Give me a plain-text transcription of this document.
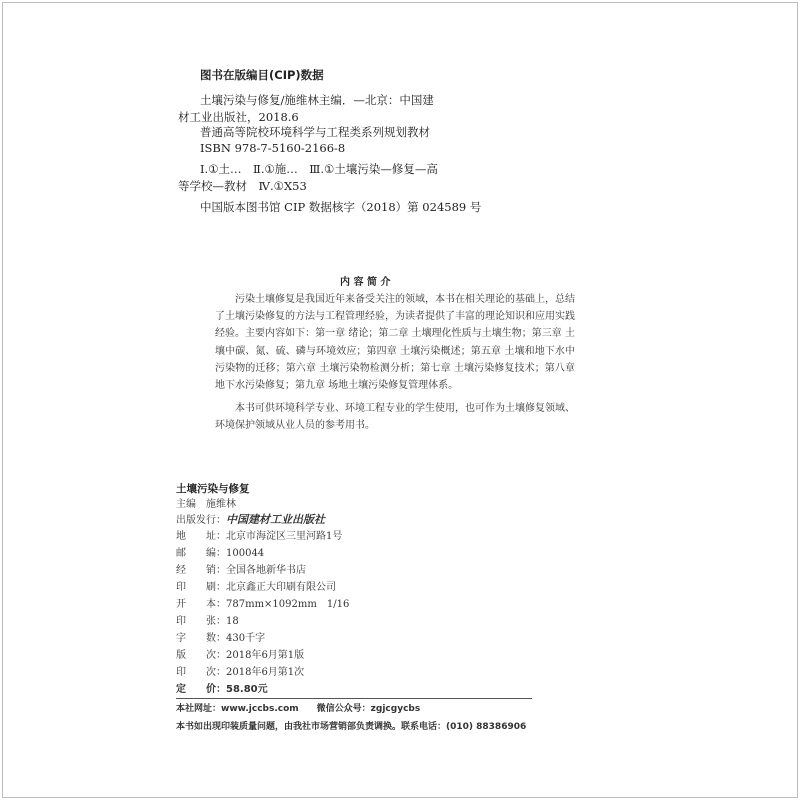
图书在版编目(CIP)数据
土壤污染与修复/施维林主编．—北京：中国建
材工业出版社，2018.6
普通高等院校环境科学与工程类系列规划教材
ISBN 978-7-5160-2166-8
Ⅰ.①土…　Ⅱ.①施…　Ⅲ.①土壤污染—修复—高
等学校—教材　Ⅳ.①X53
中国版本图书馆 CIP 数据核字（2018）第 024589 号
内 容 简 介
污染土壤修复是我国近年来备受关注的领域，本书在相关理论的基础上，总结了土壤污染修复的方法与工程管理经验，为读者提供了丰富的理论知识和应用实践经验。主要内容如下：第一章 绪论；第二章 土壤理化性质与土壤生物；第三章 土壤中碳、氮、硫、磷与环境效应；第四章 土壤污染概述；第五章 土壤和地下水中污染物的迁移；第六章 土壤污染物检测分析；第七章 土壤污染修复技术；第八章 地下水污染修复；第九章 场地土壤污染修复管理体系。
本书可供环境科学专业、环境工程专业的学生使用，也可作为土壤修复领域、环境保护领域从业人员的参考用书。
土壤污染与修复
主编　施维林
出版发行：中国建材工业出版社
地　　址：北京市海淀区三里河路1号
邮　　编：100044
经　　销：全国各地新华书店
印　　刷：北京鑫正大印刷有限公司
开　　本：787mm×1092mm　1/16
印　　张：18
字　　数：430千字
版　　次：2018年6月第1版
印　　次：2018年6月第1次
定　　价：58.80元
本社网址：www.jccbs.com　　微信公众号：zgjcgycbs
本书如出现印装质量问题，由我社市场营销部负责调换。联系电话：(010) 88386906
